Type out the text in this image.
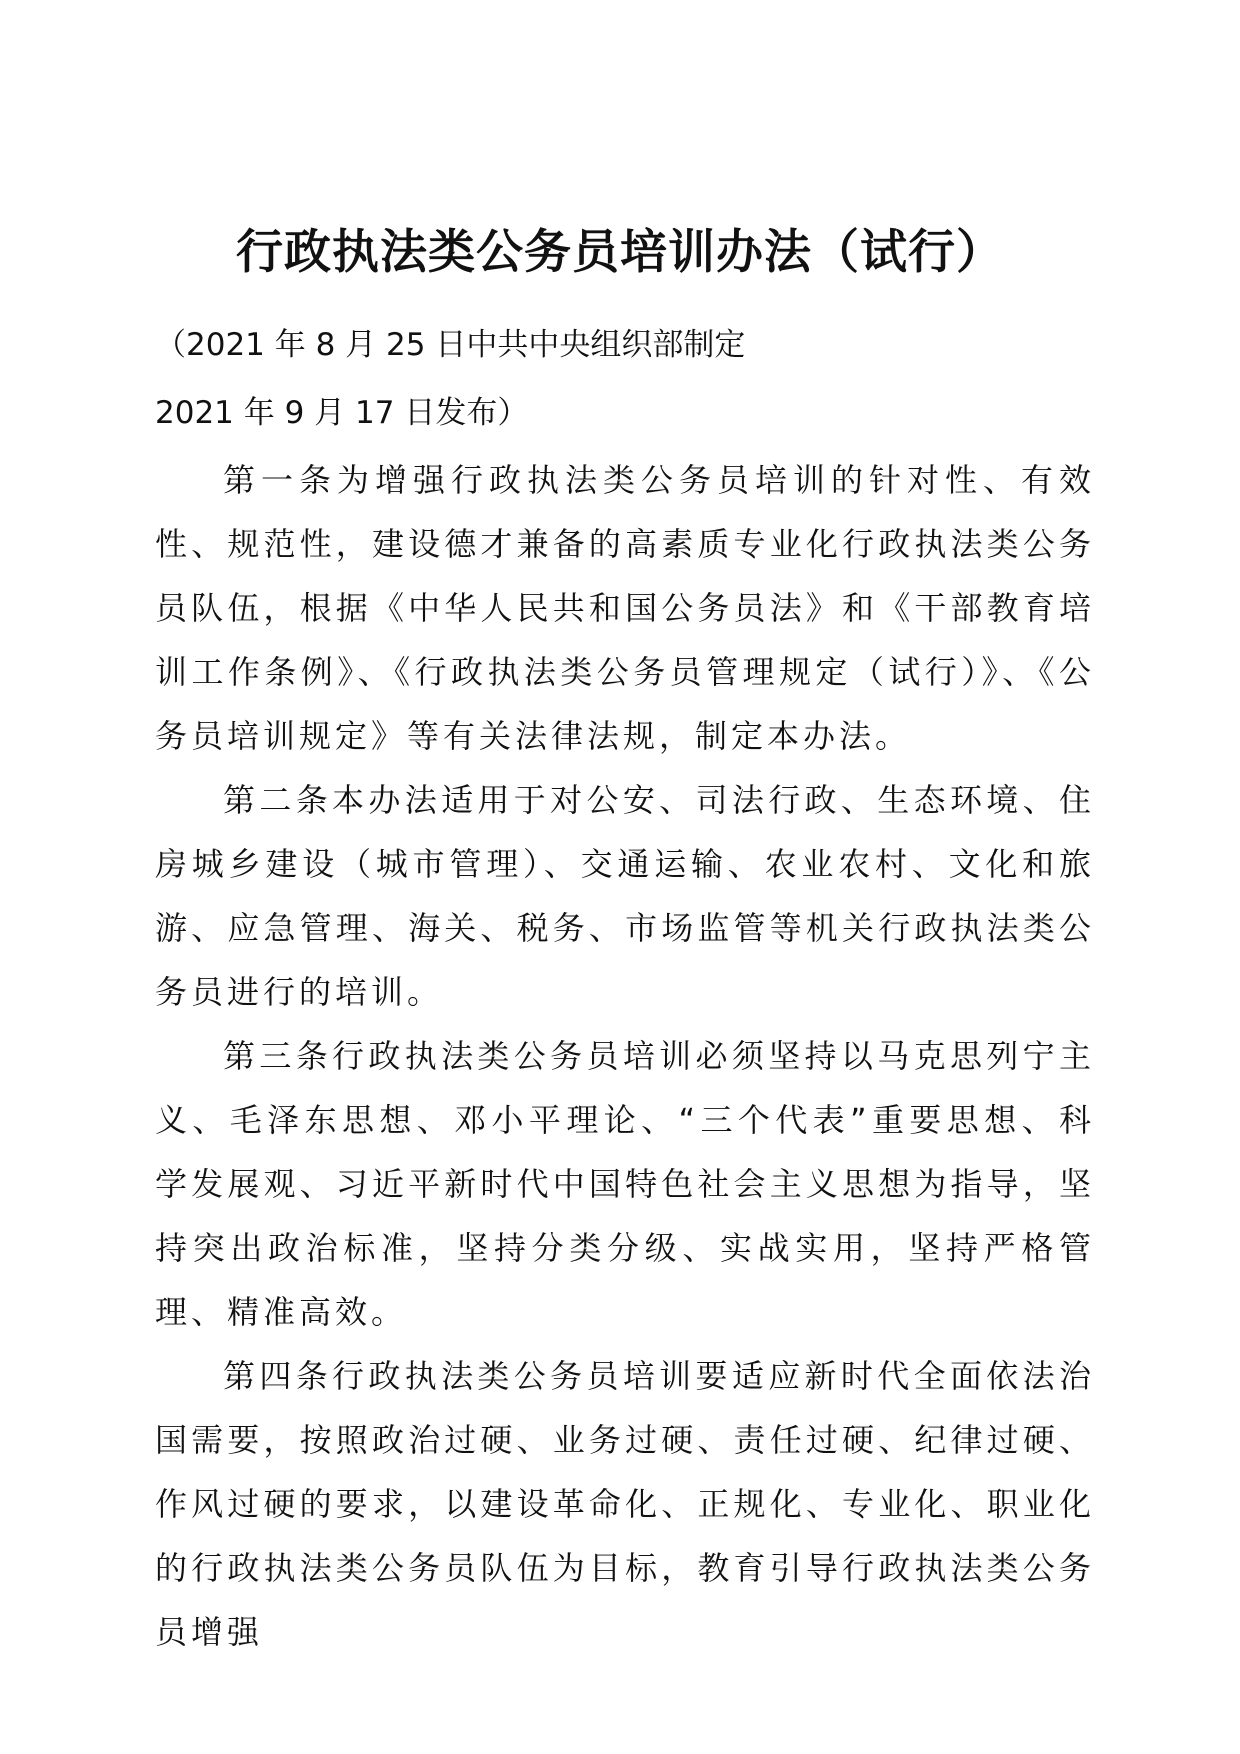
行政执法类公务员培训办法（试行）

（2021 年 8 月 25 日中共中央组织部制定

2021 年 9 月 17 日发布）

第一条为增强行政执法类公务员培训的针对性、有效性、规范性，建设德才兼备的高素质专业化行政执法类公务员队伍，根据《中华人民共和国公务员法》和《干部教育培训工作条例》、《行政执法类公务员管理规定（试行）》、《公务员培训规定》等有关法律法规，制定本办法。

第二条本办法适用于对公安、司法行政、生态环境、住房城乡建设（城市管理）、交通运输、农业农村、文化和旅游、应急管理、海关、税务、市场监管等机关行政执法类公务员进行的培训。

第三条行政执法类公务员培训必须坚持以马克思列宁主义、毛泽东思想、邓小平理论、“三个代表”重要思想、科学发展观、习近平新时代中国特色社会主义思想为指导，坚持突出政治标准，坚持分类分级、实战实用，坚持严格管理、精准高效。

第四条行政执法类公务员培训要适应新时代全面依法治国需要，按照政治过硬、业务过硬、责任过硬、纪律过硬、作风过硬的要求，以建设革命化、正规化、专业化、职业化的行政执法类公务员队伍为目标，教育引导行政执法类公务员增强
